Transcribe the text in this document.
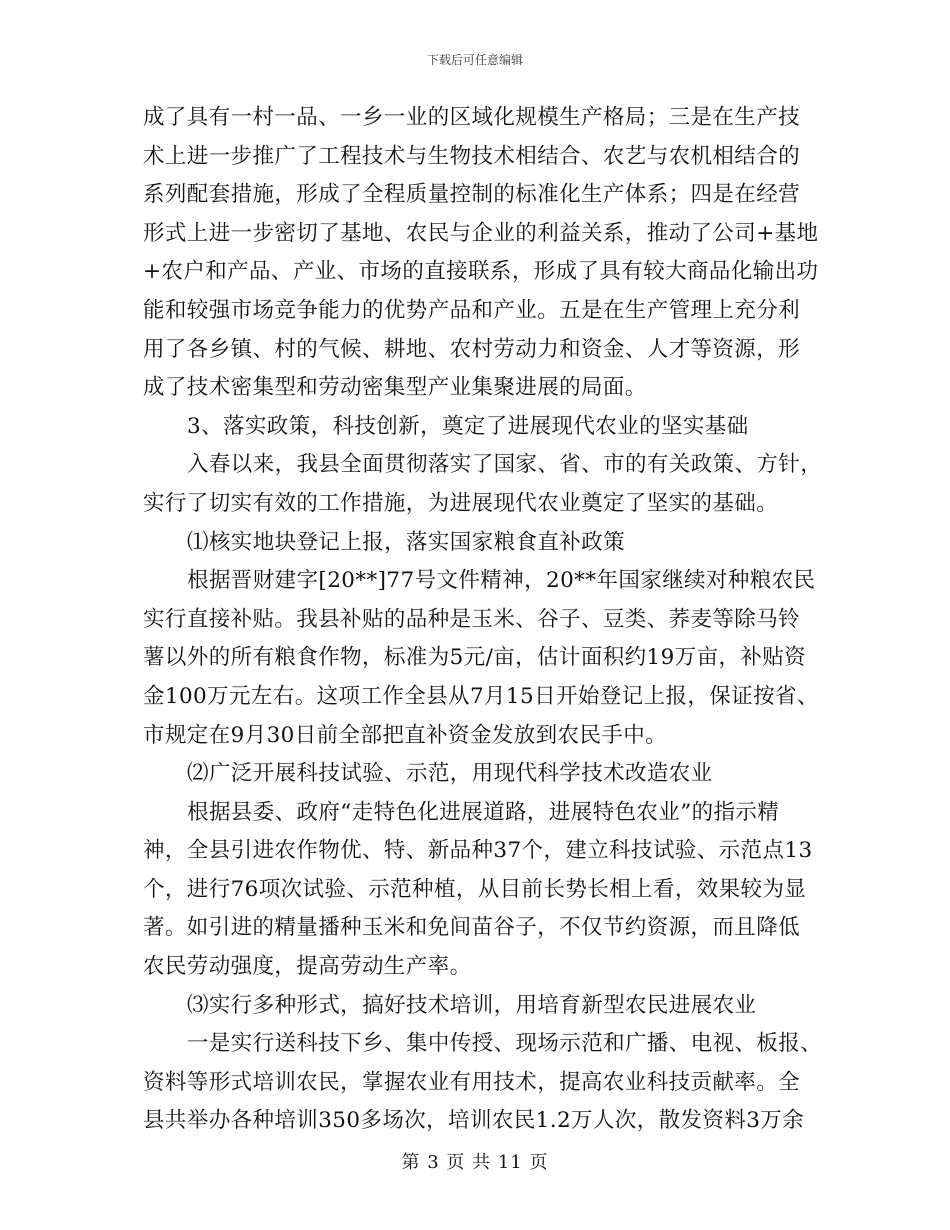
下载后可任意编辑
成了具有一村一品、一乡一业的区域化规模生产格局；三是在生产技
术上进一步推广了工程技术与生物技术相结合、农艺与农机相结合的
系列配套措施，形成了全程质量控制的标准化生产体系；四是在经营
形式上进一步密切了基地、农民与企业的利益关系，推动了公司+基地
+农户和产品、产业、市场的直接联系，形成了具有较大商品化输出功
能和较强市场竞争能力的优势产品和产业。五是在生产管理上充分利
用了各乡镇、村的气候、耕地、农村劳动力和资金、人才等资源，形
成了技术密集型和劳动密集型产业集聚进展的局面。
3、落实政策，科技创新，奠定了进展现代农业的坚实基础
入春以来，我县全面贯彻落实了国家、省、市的有关政策、方针，
实行了切实有效的工作措施，为进展现代农业奠定了坚实的基础。
⑴核实地块登记上报，落实国家粮食直补政策
根据晋财建字[20**]77号文件精神，20**年国家继续对种粮农民
实行直接补贴。我县补贴的品种是玉米、谷子、豆类、荞麦等除马铃
薯以外的所有粮食作物，标准为5元/亩，估计面积约19万亩，补贴资
金100万元左右。这项工作全县从7月15日开始登记上报，保证按省、
市规定在9月30日前全部把直补资金发放到农民手中。
⑵广泛开展科技试验、示范，用现代科学技术改造农业
根据县委、政府“走特色化进展道路，进展特色农业”的指示精
神，全县引进农作物优、特、新品种37个，建立科技试验、示范点13
个，进行76项次试验、示范种植，从目前长势长相上看，效果较为显
著。如引进的精量播种玉米和免间苗谷子，不仅节约资源，而且降低
农民劳动强度，提高劳动生产率。
⑶实行多种形式，搞好技术培训，用培育新型农民进展农业
一是实行送科技下乡、集中传授、现场示范和广播、电视、板报、
资料等形式培训农民，掌握农业有用技术，提高农业科技贡献率。全
县共举办各种培训350多场次，培训农民1.2万人次，散发资料3万余
第 3 页 共 11 页
